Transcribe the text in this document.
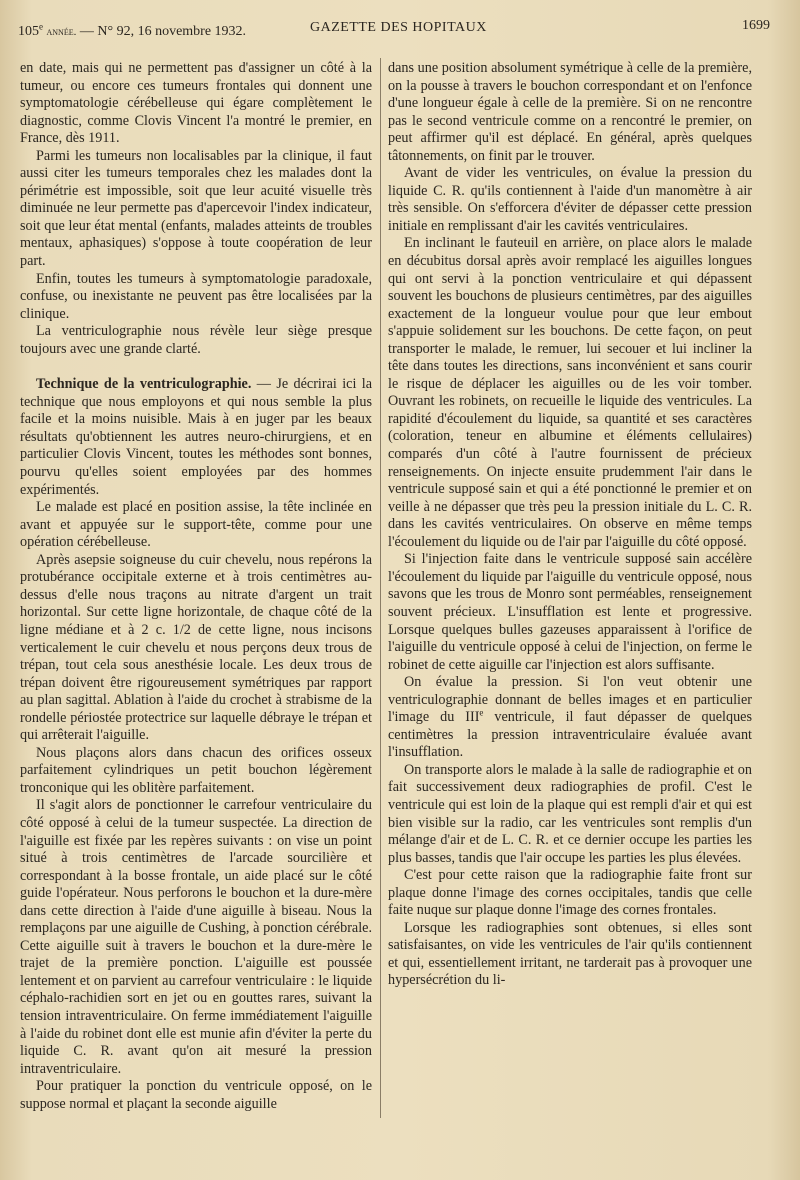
105e année. — N° 92, 16 novembre 1932.	GAZETTE DES HOPITAUX	1699

en date, mais qui ne permettent pas d'assigner un côté à la tumeur, ou encore ces tumeurs frontales qui donnent une symptomatologie cérébelleuse qui égare complètement le diagnostic, comme Clovis Vincent l'a montré le premier, en France, dès 1911.

Parmi les tumeurs non localisables par la clinique, il faut aussi citer les tumeurs temporales chez les malades dont la périmétrie est impossible, soit que leur acuité visuelle très diminuée ne leur permette pas d'apercevoir l'index indicateur, soit que leur état mental (enfants, malades atteints de troubles mentaux, aphasiques) s'oppose à toute coopération de leur part.

Enfin, toutes les tumeurs à symptomatologie paradoxale, confuse, ou inexistante ne peuvent pas être localisées par la clinique.

La ventriculographie nous révèle leur siège presque toujours avec une grande clarté.

Technique de la ventriculographie. — Je décrirai ici la technique que nous employons et qui nous semble la plus facile et la moins nuisible. Mais à en juger par les beaux résultats qu'obtiennent les autres neuro-chirurgiens, et en particulier Clovis Vincent, toutes les méthodes sont bonnes, pourvu qu'elles soient employées par des hommes expérimentés.

Le malade est placé en position assise, la tête inclinée en avant et appuyée sur le support-tête, comme pour une opération cérébelleuse.

Après asepsie soigneuse du cuir chevelu, nous repérons la protubérance occipitale externe et à trois centimètres au-dessus d'elle nous traçons au nitrate d'argent un trait horizontal. Sur cette ligne horizontale, de chaque côté de la ligne médiane et à 2 c. 1/2 de cette ligne, nous incisons verticalement le cuir chevelu et nous perçons deux trous de trépan, tout cela sous anesthésie locale. Les deux trous de trépan doivent être rigoureusement symétriques par rapport au plan sagittal. Ablation à l'aide du crochet à strabisme de la rondelle périostée protectrice sur laquelle débraye le trépan et qui arrêterait l'aiguille.

Nous plaçons alors dans chacun des orifices osseux parfaitement cylindriques un petit bouchon légèrement tronconique qui les oblitère parfaitement.

Il s'agit alors de ponctionner le carrefour ventriculaire du côté opposé à celui de la tumeur suspectée. La direction de l'aiguille est fixée par les repères suivants : on vise un point situé à trois centimètres de l'arcade sourcilière et correspondant à la bosse frontale, un aide placé sur le côté guide l'opérateur. Nous perforons le bouchon et la dure-mère dans cette direction à l'aide d'une aiguille à biseau. Nous la remplaçons par une aiguille de Cushing, à ponction cérébrale. Cette aiguille suit à travers le bouchon et la dure-mère le trajet de la première ponction. L'aiguille est poussée lentement et on parvient au carrefour ventriculaire : le liquide céphalo-rachidien sort en jet ou en gouttes rares, suivant la tension intraventriculaire. On ferme immédiatement l'aiguille à l'aide du robinet dont elle est munie afin d'éviter la perte du liquide C. R. avant qu'on ait mesuré la pression intraventriculaire.

Pour pratiquer la ponction du ventricule opposé, on le suppose normal et plaçant la seconde aiguille

dans une position absolument symétrique à celle de la première, on la pousse à travers le bouchon correspondant et on l'enfonce d'une longueur égale à celle de la première. Si on ne rencontre pas le second ventricule comme on a rencontré le premier, on peut affirmer qu'il est déplacé. En général, après quelques tâtonnements, on finit par le trouver.

Avant de vider les ventricules, on évalue la pression du liquide C. R. qu'ils contiennent à l'aide d'un manomètre à air très sensible. On s'efforcera d'éviter de dépasser cette pression initiale en remplissant d'air les cavités ventriculaires.

En inclinant le fauteuil en arrière, on place alors le malade en décubitus dorsal après avoir remplacé les aiguilles longues qui ont servi à la ponction ventriculaire et qui dépassent souvent les bouchons de plusieurs centimètres, par des aiguilles exactement de la longueur voulue pour que leur embout s'appuie solidement sur les bouchons. De cette façon, on peut transporter le malade, le remuer, lui secouer et lui incliner la tête dans toutes les directions, sans inconvénient et sans courir le risque de déplacer les aiguilles ou de les voir tomber. Ouvrant les robinets, on recueille le liquide des ventricules. La rapidité d'écoulement du liquide, sa quantité et ses caractères (coloration, teneur en albumine et éléments cellulaires) comparés d'un côté à l'autre fournissent de précieux renseignements. On injecte ensuite prudemment l'air dans le ventricule supposé sain et qui a été ponctionné le premier et on veille à ne dépasser que très peu la pression initiale du L. C. R. dans les cavités ventriculaires. On observe en même temps l'écoulement du liquide ou de l'air par l'aiguille du côté opposé.

Si l'injection faite dans le ventricule supposé sain accélère l'écoulement du liquide par l'aiguille du ventricule opposé, nous savons que les trous de Monro sont perméables, renseignement souvent précieux. L'insufflation est lente et progressive. Lorsque quelques bulles gazeuses apparaissent à l'orifice de l'aiguille du ventricule opposé à celui de l'injection, on ferme le robinet de cette aiguille car l'injection est alors suffisante.

On évalue la pression. Si l'on veut obtenir une ventriculographie donnant de belles images et en particulier l'image du IIIe ventricule, il faut dépasser de quelques centimètres la pression intraventriculaire évaluée avant l'insufflation.

On transporte alors le malade à la salle de radiographie et on fait successivement deux radiographies de profil. C'est le ventricule qui est loin de la plaque qui est rempli d'air et qui est bien visible sur la radio, car les ventricules sont remplis d'un mélange d'air et de L. C. R. et ce dernier occupe les parties les plus basses, tandis que l'air occupe les parties les plus élevées.

C'est pour cette raison que la radiographie faite front sur plaque donne l'image des cornes occipitales, tandis que celle faite nuque sur plaque donne l'image des cornes frontales.

Lorsque les radiographies sont obtenues, si elles sont satisfaisantes, on vide les ventricules de l'air qu'ils contiennent et qui, essentiellement irritant, ne tarderait pas à provoquer une hypersécrétion du li-
